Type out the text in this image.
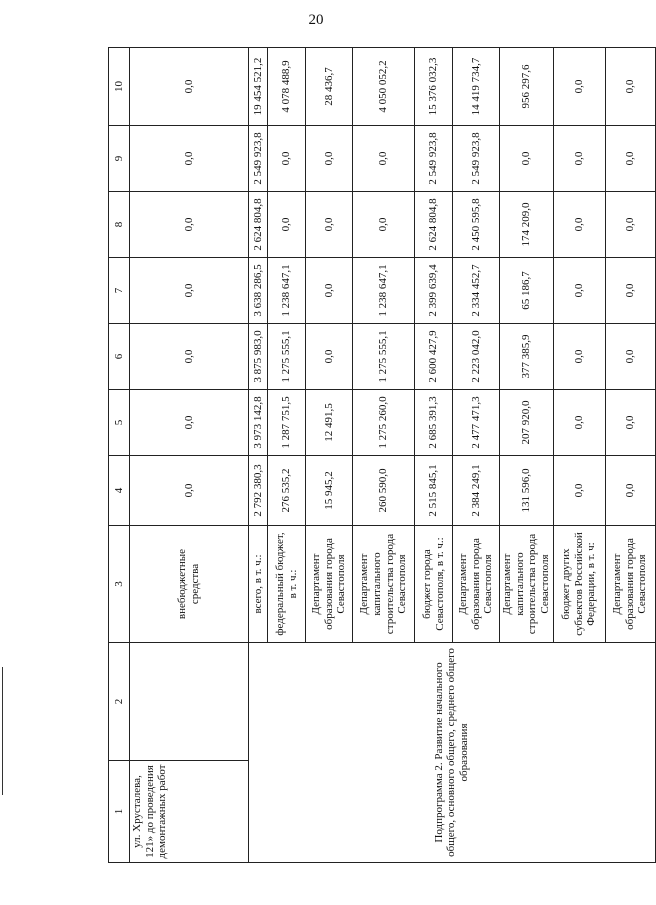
20
1	2	3	4	5	6	7	8	9	10
ул. Хрусталева, 121» до проведения демонтажных работ		внебюджетные средства	0,0	0,0	0,0	0,0	0,0	0,0	0,0
Подпрограмма 2. Развитие начального общего, основного общего, среднего общего образования		всего, в т. ч.:	2 792 380,3	3 973 142,8	3 875 983,0	3 638 286,5	2 624 804,8	2 549 923,8	19 454 521,2
		федеральный бюджет, в т. ч.:	276 535,2	1 287 751,5	1 275 555,1	1 238 647,1	0,0	0,0	4 078 488,9
		Департамент образования города Севастополя	15 945,2	12 491,5	0,0	0,0	0,0	0,0	28 436,7
		Департамент капитального строительства города Севастополя	260 590,0	1 275 260,0	1 275 555,1	1 238 647,1	0,0	0,0	4 050 052,2
		бюджет города Севастополя, в т. ч.:	2 515 845,1	2 685 391,3	2 600 427,9	2 399 639,4	2 624 804,8	2 549 923,8	15 376 032,3
		Департамент образования города Севастополя	2 384 249,1	2 477 471,3	2 223 042,0	2 334 452,7	2 450 595,8	2 549 923,8	14 419 734,7
		Департамент капитального строительства города Севастополя	131 596,0	207 920,0	377 385,9	65 186,7	174 209,0	0,0	956 297,6
		бюджет других субъектов Российской Федерации, в т. ч:	0,0	0,0	0,0	0,0	0,0	0,0	0,0
		Департамент образования города Севастополя	0,0	0,0	0,0	0,0	0,0	0,0	0,0
